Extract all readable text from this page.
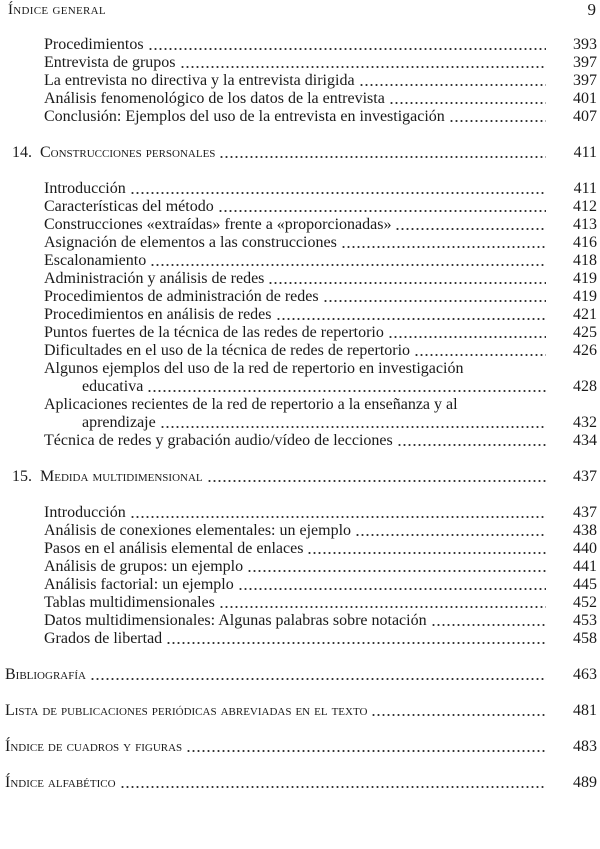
Índice general	9
Procedimientos	393
Entrevista de grupos	397
La entrevista no directiva y la entrevista dirigida	397
Análisis fenomenológico de los datos de la entrevista	401
Conclusión: Ejemplos del uso de la entrevista en investigación	407
14. Construcciones personales	411
Introducción	411
Características del método	412
Construcciones «extraídas» frente a «proporcionadas»	413
Asignación de elementos a las construcciones	416
Escalonamiento	418
Administración y análisis de redes	419
Procedimientos de administración de redes	419
Procedimientos en análisis de redes	421
Puntos fuertes de la técnica de las redes de repertorio	425
Dificultades en el uso de la técnica de redes de repertorio	426
Algunos ejemplos del uso de la red de repertorio en investigación
educativa	428
Aplicaciones recientes de la red de repertorio a la enseñanza y al
aprendizaje	432
Técnica de redes y grabación audio/vídeo de lecciones	434
15. Medida multidimensional	437
Introducción	437
Análisis de conexiones elementales: un ejemplo	438
Pasos en el análisis elemental de enlaces	440
Análisis de grupos: un ejemplo	441
Análisis factorial: un ejemplo	445
Tablas multidimensionales	452
Datos multidimensionales: Algunas palabras sobre notación	453
Grados de libertad	458
Bibliografía	463
Lista de publicaciones periódicas abreviadas en el texto	481
Índice de cuadros y figuras	483
Índice alfabético	489
